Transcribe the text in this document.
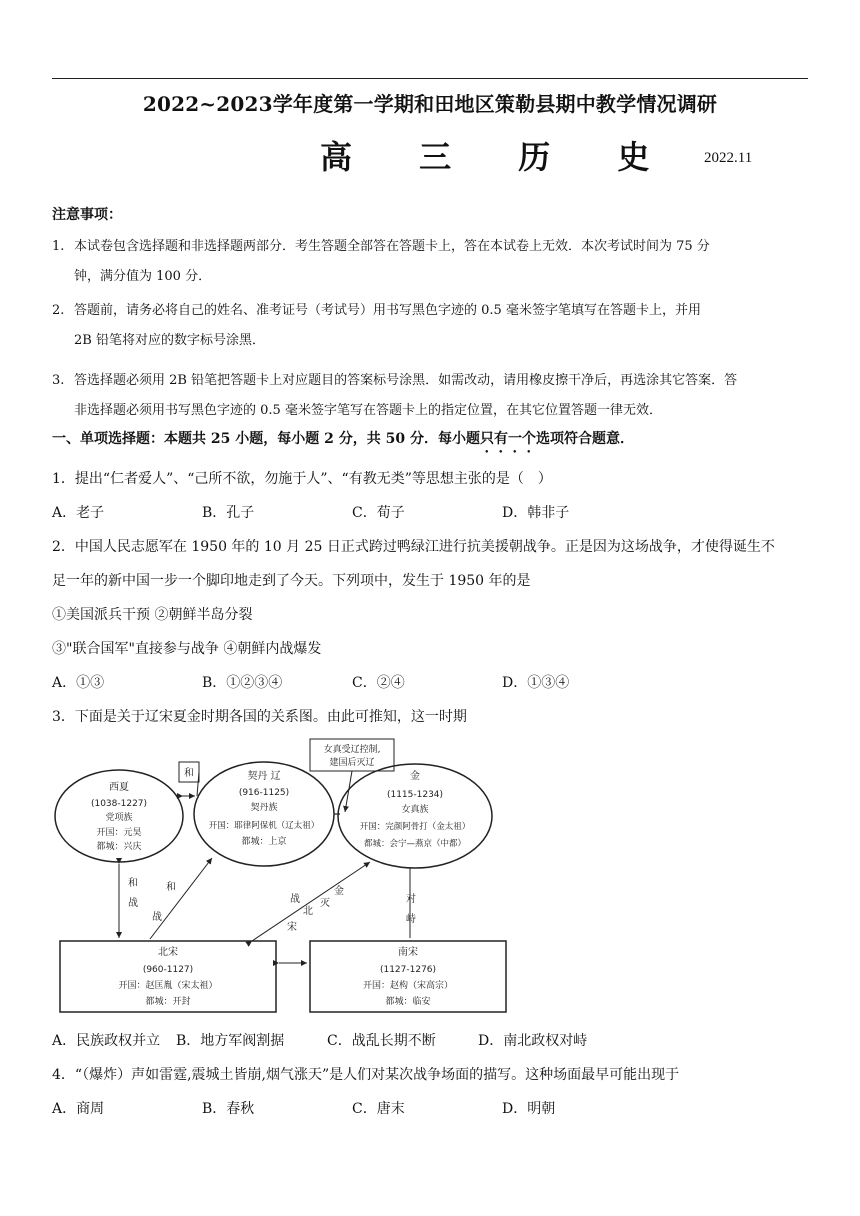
2022~2023学年度第一学期和田地区策勒县期中教学情况调研
高 三 历 史 2022.11
注意事项：
1. 本试卷包含选择题和非选择题两部分．考生答题全部答在答题卡上，答在本试卷上无效．本次考试时间为 75 分
钟，满分值为 100 分．
2. 答题前，请务必将自己的姓名、准考证号（考试号）用书写黑色字迹的 0.5 毫米签字笔填写在答题卡上，并用
2B 铅笔将对应的数字标号涂黑．
3. 答选择题必须用 2B 铅笔把答题卡上对应题目的答案标号涂黑．如需改动，请用橡皮擦干净后，再选涂其它答案．答
非选择题必须用书写黑色字迹的 0.5 毫米签字笔写在答题卡上的指定位置，在其它位置答题一律无效．
一、单项选择题：本题共 25 小题，每小题 2 分，共 50 分．每小题只有一个选项符合题意．
1．提出“仁者爱人”、“己所不欲，勿施于人”、“有教无类”等思想主张的是（　）
A．老子	B．孔子	C．荀子	D．韩非子
2．中国人民志愿军在 1950 年的 10 月 25 日正式跨过鸭绿江进行抗美援朝战争。正是因为这场战争，才使得诞生不
足一年的新中国一步一个脚印地走到了今天。下列项中，发生于 1950 年的是
①美国派兵干预 ②朝鲜半岛分裂
③"联合国军"直接参与战争 ④朝鲜内战爆发
A．①③	B．①②③④	C．②④	D．①③④
3．下面是关于辽宋夏金时期各国的关系图。由此可推知，这一时期
和
女真受辽控制,
建国后灭辽
和
战
和
战
战
北
宋
金
灭	对
峙
西夏
(1038-1227)
党项族
开国：元昊
都城：兴庆
契丹 辽
(916-1125)
契丹族
开国：耶律阿保机（辽太祖）
都城：上京
金
(1115-1234)
女真族
开国：完颜阿骨打（金太祖）
都城：会宁—燕京（中都）
北宋
(960-1127)
开国：赵匡胤（宋太祖）
都城：开封
南宋
(1127-1276)
开国：赵构（宋高宗）
都城：临安
A．民族政权并立	B．地方军阀割据	C．战乱长期不断	D．南北政权对峙
4．“（爆炸）声如雷霆,震城土皆崩,烟气涨天”是人们对某次战争场面的描写。这种场面最早可能出现于
A．商周	B．春秋	C．唐末	D．明朝
